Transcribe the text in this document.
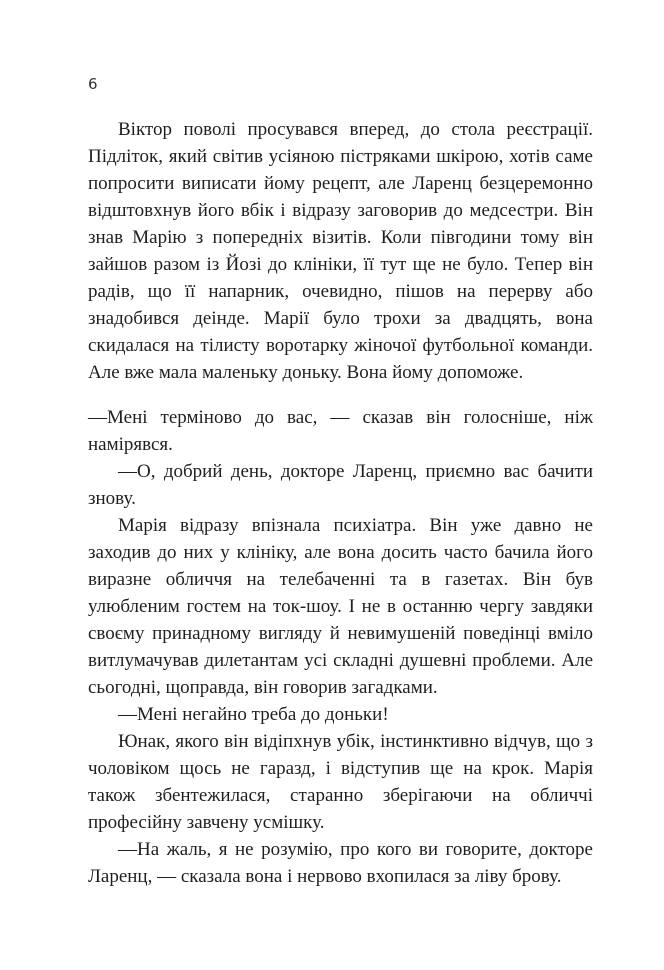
6

Віктор поволі просувався вперед, до стола реєстрації. Підліток, який світив усіяною пістряками шкірою, хотів саме попросити виписати йому рецепт, але Ларенц безцеремонно відштовхнув його вбік і відразу заговорив до медсестри. Він знав Марію з попередніх візитів. Коли півгодини тому він зайшов разом із Йозі до клініки, її тут ще не було. Тепер він радів, що її напарник, очевидно, пішов на перерву або знадобився деінде. Марії було трохи за двадцять, вона скидалася на тілисту воротарку жіночої футбольної команди. Але вже мала маленьку доньку. Вона йому допоможе.

—Мені терміново до вас, — сказав він голосніше, ніж намірявся.

—О, добрий день, докторе Ларенц, приємно вас бачити знову.

Марія відразу впізнала психіатра. Він уже давно не заходив до них у клініку, але вона досить часто бачила його виразне обличчя на телебаченні та в газетах. Він був улюбленим гостем на ток-шоу. І не в останню чергу завдяки своєму принадному вигляду й невимушеній поведінці вміло витлумачував дилетантам усі складні душевні проблеми. Але сьогодні, щоправда, він говорив загадками.

—Мені негайно треба до доньки!

Юнак, якого він відіпхнув убік, інстинктивно відчув, що з чоловіком щось не гаразд, і відступив ще на крок. Марія також збентежилася, старанно зберігаючи на обличчі професійну завчену усмішку.

—На жаль, я не розумію, про кого ви говорите, докторе Ларенц, — сказала вона і нервово вхопилася за ліву брову.
